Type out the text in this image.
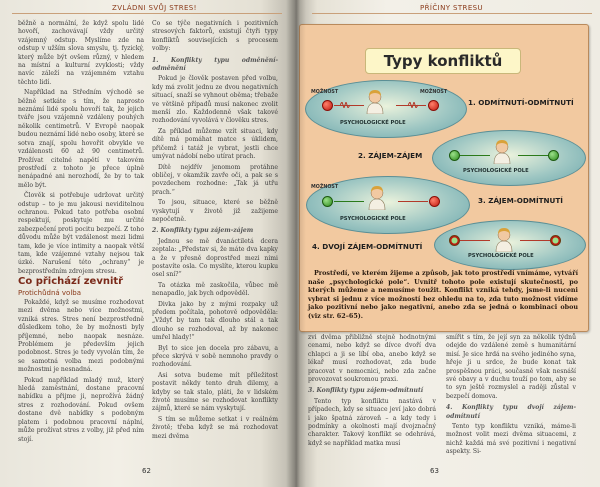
ZVLÁDNI SVŮJ STRES!

běžně a normální, že když spolu lidé hovoří, zachovávají vždy určitý vzájemný odstup. Myslíme zde na odstup v užším slova smyslu, tj. fyzický, který může být ovšem různý, v hledem na místní a kulturní zvyklosti; vždy navíc záleží na vzájemném vztahu těchto lidí.

Například na Středním východě se běžně setkáte s tím, že naprosto neznámí lidé spolu hovoří tak, že jejich tváře jsou vzájemně vzdáleny pouhých několik centimetrů. V Evropě naopak budou neznámí lidé nebo osoby, které se sotva znají, spolu hovořit obvykle ve vzdálenosti 60 až 90 centimetrů. Prožívat citelné napětí v takovém prostředí z tohoto je přece úplně nenápadné ani nerozhodí, že by to tak mělo být.

Člověk si potřebuje udržovat určitý odstup – to je mu jakousi neviditelnou ochranou. Pokud tato potřeba osobní respektují, poskytuje mu určité zabezpečení proti pocitu bezpečí. Z toho důvodu může být vzdálenost mezi lidmi tam, kde je více intimity a naopak větší tam, kde vzájemné vztahy nejsou tak úzké. Narušení této „ochrany“ je bezprostředním zdrojem stresu.

Co přichází zevnitř

Protichůdná volba

Pokaždé, když se musíme rozhodovat mezi dvěma nebo více možnostmi, vzniká stres. Stres není bezprostředně důsledkem toho, že by možnosti byly příjemné, nebo naopak nesnáze. Problémem je především jejich podobnost. Stres je tedy vyvolán tím, že se samotná volba mezi podobnými možnostmi je nesnadná.

Pokud například mladý muž, který hledá zaměstnání, dostane pracovní nabídku a přijme ji, neprožívá žádný stres z rozhodování. Pokud ovšem dostane dvě nabídky s podobným platem i podobnou pracovní náplní, může prožívat stres z volby, již před ním stojí.

Co se týče negativních i pozitivních stresových faktorů, existují čtyři typy konfliktů souvisejících s procesem volby:

1. Konflikty typu odměnění-odměnění

Pokud je člověk postaven před volbu, kdy má zvolit jednu ze dvou negativních situací, snaží se vyhnout oběma; třebaže ve většině případů musí nakonec zvolit menší zlo. Každodenně však takové rozhodování vyvolává v člověku stres.

Za příklad můžeme vzít situaci, kdy dítě má pomáhat matce s úklidem, přičemž i tatáž je vybrat, jestli chce umývat nádobí nebo utírat prach.

Dítě nejdřív jenomom protáhne obličej, v okamžik zavře oči, a pak se s povzdechem rozhodne: „Tak já utřu prach.“

To jsou, situace, které se běžně vyskytují v životě již zažijeme nepočetně.

2. Konflikty typu zájem-zájem

Jednou se mě dvanáctiletá dcera zeptala: „Představ si, že máte dva kapky a že v přesně doprostřed mezi nimi postavíte osla. Co myslíte, kterou kupku osel sní?“

Ta otázka mě zaskočila, vůbec mě nenapadlo, jak bych odpověděl.

Divka jako by z mými rozpaky už předem počítala, pohotově odpověděla: „Vždyť by tam tak dlouho stál a tak dlouho se rozhodoval, až by nakonec umřel hlady!“

Byl to sice jen docela pro zábavu, a přece skrývá v sobě nemnoho pravdy o rozhodování.

Asi sotva budeme mít příležitost postavit někdy tento druh dilemy, a kdyby se tak stalo, pláti, že v lidském životě musíme se rozhodovat konflikty zájmů, které se nám vyskytují.

S tím se můžeme setkat i v reálném životě; třeba když se má rozhodovat mezi dvěma

62
PŘÍČINY STRESU

zvi dvěma přibližně stejně hodnotnými cenami, nebo když se dívce dvoří dva chlapci a ji se líbí oba, anebo když se lékař musí rozhodovat, zda bude pracovat v nemocnici, nebo zda začne provozovat soukromou praxi.

3. Konflikty typu zájem-odmítnutí

Tento typ konfliktu nastává v případech, kdy se situace jeví jako dobrá i jako špatná zároveň – a kdy tedy i podmínky a okolnosti mají dvojznačný charakter. Takový konflikt se odehrává, když se například matka musí

smířit s tím, že její syn za několik týdnů odejde do vzdálené země s humanitární misí. Je sice hrdá na svého jediného syna, hřeje ji u srdce, že bude konat tak prospěšnou práci, současně však nesnáší své obavy a v duchu touží po tom, aby se to syn ještě rozmyslel a raději zůstal v bezpečí domova.

4. Konflikty typu dvojí zájem-odmítnutí

Tento typ konfliktu vzniká, máme-li možnost volit mezi dvěma situacemi, z nichž každá má své pozitivní i negativní aspekty. Si-

63
Typy konfliktů
MOŽNOST	MOŽNOST
PSYCHOLOGICKÉ POLE
1. ODMÍTNUTÍ-ODMÍTNUTÍ
PSYCHOLOGICKÉ POLE
2. ZÁJEM-ZÁJEM
MOŽNOST
PSYCHOLOGICKÉ POLE
3. ZÁJEM-ODMÍTNUTÍ
PSYCHOLOGICKÉ POLE
4. DVOJÍ ZÁJEM-ODMÍTNUTÍ
Prostředí, ve kterém žijeme a způsob, jak toto prostředí vnímáme, vytváří naše „psychologické pole“. Uvnitř tohoto pole existují skutečnosti, po kterých můžeme a nemusíme toužit. Konflikt vzniká tehdy, jsme-li nuceni vybrat si jednu z více možností bez ohledu na to, zda tuto možnost vidíme jako pozitivní nebo jako negativní, anebo zda se jedná o kombinaci obou (viz str. 62–65).
